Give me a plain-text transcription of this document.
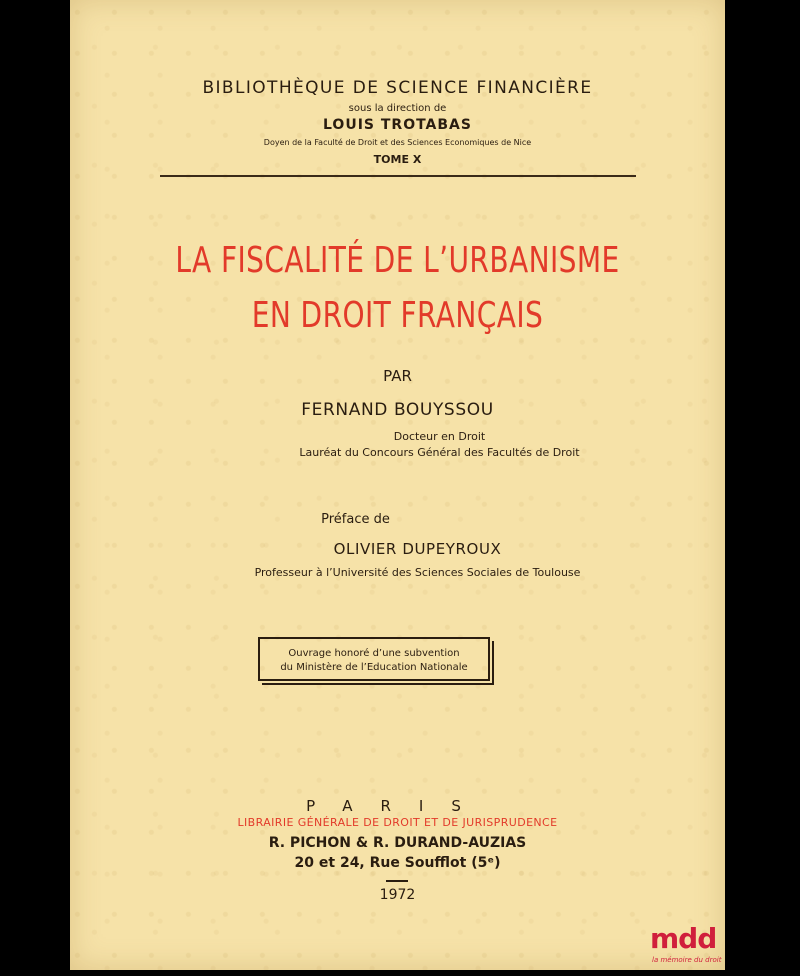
BIBLIOTHÈQUE DE SCIENCE FINANCIÈRE
sous la direction de
LOUIS TROTABAS
Doyen de la Faculté de Droit et des Sciences Economiques de Nice
TOME X
LA FISCALITÉ DE L’URBANISME
EN DROIT FRANÇAIS
PAR
FERNAND BOUYSSOU
Docteur en Droit
Lauréat du Concours Général des Facultés de Droit
Préface de
OLIVIER DUPEYROUX
Professeur à l’Université des Sciences Sociales de Toulouse
Ouvrage honoré d’une subvention
du Ministère de l’Education Nationale
PARIS
LIBRAIRIE GÉNÉRALE DE DROIT ET DE JURISPRUDENCE
R. PICHON & R. DURAND-AUZIAS
20 et 24, Rue Soufflot (5ᵉ)
1972
mdd
la mémoire du droit
